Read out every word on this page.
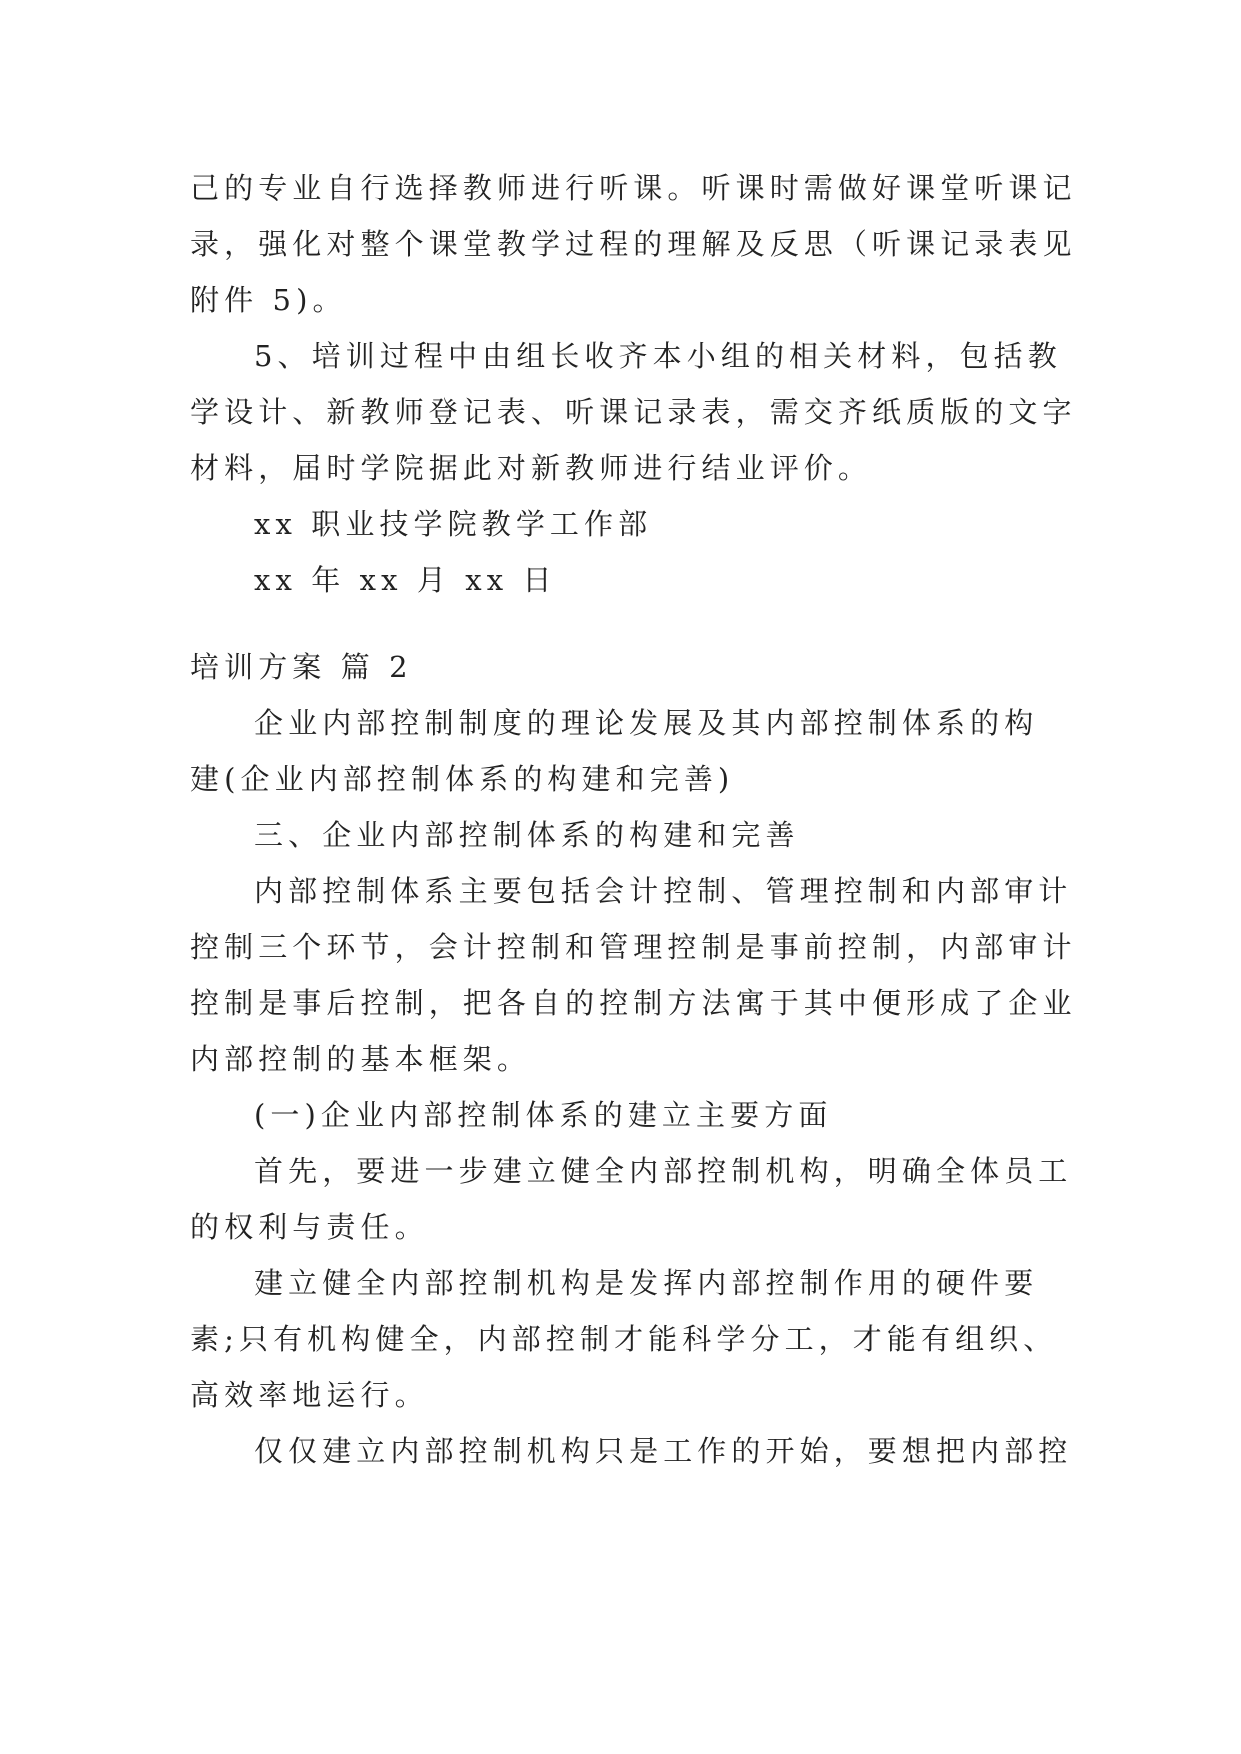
己的专业自行选择教师进行听课。听课时需做好课堂听课记
录，强化对整个课堂教学过程的理解及反思（听课记录表见
附件 5)。
5、培训过程中由组长收齐本小组的相关材料，包括教
学设计、新教师登记表、听课记录表，需交齐纸质版的文字
材料，届时学院据此对新教师进行结业评价。
xx 职业技学院教学工作部
xx 年 xx 月 xx 日
培训方案 篇 2
企业内部控制制度的理论发展及其内部控制体系的构
建(企业内部控制体系的构建和完善)
三、企业内部控制体系的构建和完善
内部控制体系主要包括会计控制、管理控制和内部审计
控制三个环节，会计控制和管理控制是事前控制，内部审计
控制是事后控制，把各自的控制方法寓于其中便形成了企业
内部控制的基本框架。
(一)企业内部控制体系的建立主要方面
首先，要进一步建立健全内部控制机构，明确全体员工
的权利与责任。
建立健全内部控制机构是发挥内部控制作用的硬件要
素;只有机构健全，内部控制才能科学分工，才能有组织、
高效率地运行。
仅仅建立内部控制机构只是工作的开始，要想把内部控
